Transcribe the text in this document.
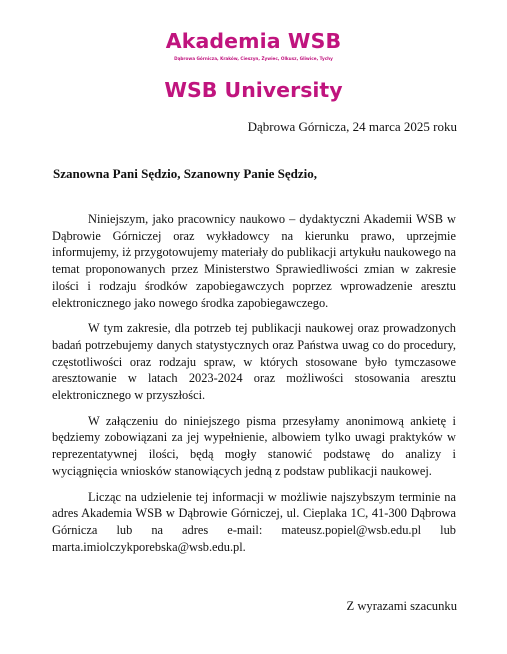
Akademia WSB
Dąbrowa Górnicza, Kraków, Cieszyn, Żywiec, Olkusz, Gliwice, Tychy
WSB University
Dąbrowa Górnicza, 24 marca 2025 roku
Szanowna Pani Sędzio, Szanowny Panie Sędzio,

Niniejszym, jako pracownicy naukowo – dydaktyczni Akademii WSB w Dąbrowie Górniczej oraz wykładowcy na kierunku prawo, uprzejmie informujemy, iż przygotowujemy materiały do publikacji artykułu naukowego na temat proponowanych przez Ministerstwo Sprawiedliwości zmian w zakresie ilości i rodzaju środków zapobiegawczych poprzez wprowadzenie aresztu elektronicznego jako nowego środka zapobiegawczego.

W tym zakresie, dla potrzeb tej publikacji naukowej oraz prowadzonych badań potrzebujemy danych statystycznych oraz Państwa uwag co do procedury, częstotliwości oraz rodzaju spraw, w których stosowane było tymczasowe aresztowanie w latach 2023-2024 oraz możliwości stosowania aresztu elektronicznego w przyszłości.

W załączeniu do niniejszego pisma przesyłamy anonimową ankietę i będziemy zobowiązani za jej wypełnienie, albowiem tylko uwagi praktyków w reprezentatywnej ilości, będą mogły stanowić podstawę do analizy i wyciągnięcia wniosków stanowiących jedną z podstaw publikacji naukowej.

Licząc na udzielenie tej informacji w możliwie najszybszym terminie na adres Akademia WSB w Dąbrowie Górniczej, ul. Cieplaka 1C, 41-300 Dąbrowa Górnicza lub na adres e-mail: mateusz.popiel@wsb.edu.pl lub marta.imiolczykporebska@wsb.edu.pl.

Z wyrazami szacunku
